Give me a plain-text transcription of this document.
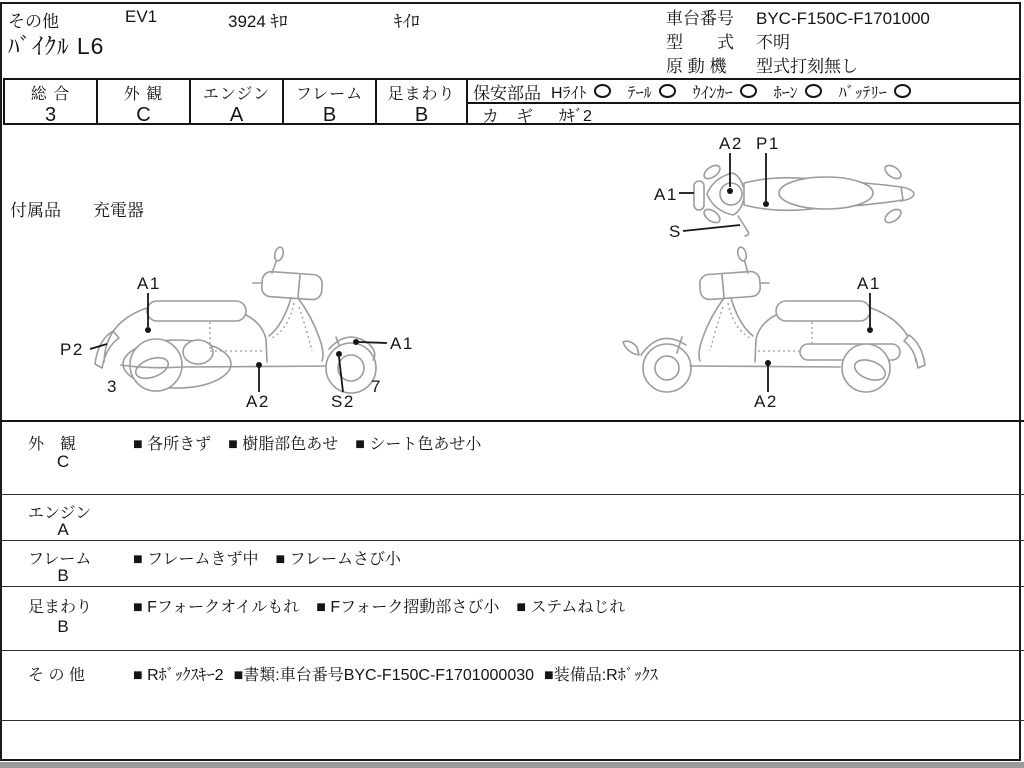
その他	EV1	3924 ｷﾛ	ｷｲﾛ
ﾊﾞｲｸﾙ L6
車台番号 BYC-F150C-F1701000
型　　式 不明
原 動 機 型式打刻無し
総 合
3
外 観
C
エンジン
A
フレーム
B
足まわり
B
保安部品 Hﾗｲﾄ	ﾃｰﾙ	ｳｲﾝｶｰ	ﾎｰﾝ	ﾊﾞｯﾃﾘｰ
カ　ギ ｶｷﾞ2
付属品 充電器
A2 P1
A1
S
A1
P2
3
A2	S2
7
A1
A1
A2
外　観
C
■ 各所きず ■ 樹脂部色あせ ■ シート色あせ小
エンジン
A
フレーム
B
■ フレームきず中 ■ フレームさび小
足まわり
B
■ Fフォークオイルもれ ■ Fフォーク摺動部さび小 ■ ステムねじれ
そ の 他	■ Rﾎﾞｯｸｽｷｰ2 ■書類:車台番号BYC-F150C-F1701000030 ■装備品:Rﾎﾞｯｸｽ
